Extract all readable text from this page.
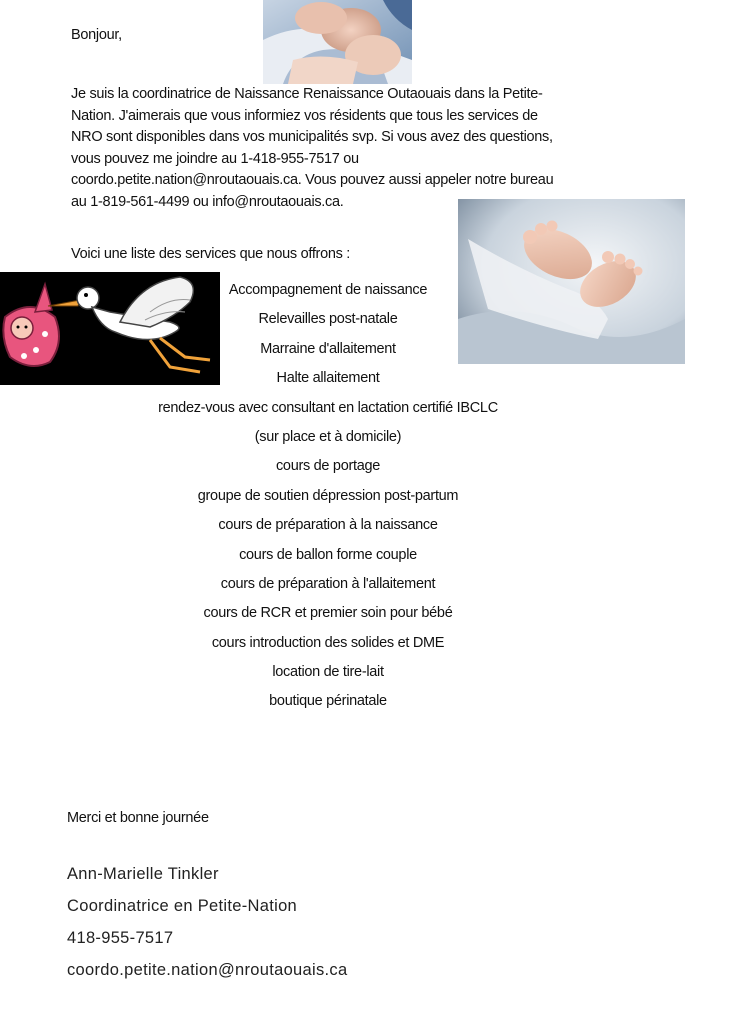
Bonjour,
Je suis la coordinatrice de Naissance Renaissance Outaouais dans la Petite-
Nation. J'aimerais que vous informiez vos résidents que tous les services de
NRO sont disponibles dans vos municipalités svp. Si vous avez des questions,
vous pouvez me joindre au 1-418-955-7517 ou
coordo.petite.nation@nroutaouais.ca. Vous pouvez aussi appeler notre bureau
au 1-819-561-4499 ou info@nroutaouais.ca.
Voici une liste des services que nous offrons :
Accompagnement de naissance
Relevailles post-natale
Marraine d'allaitement
Halte allaitement
rendez-vous avec consultant en lactation certifié IBCLC
(sur place et à domicile)
cours de portage
groupe de soutien dépression post-partum
cours de préparation à la naissance
cours de ballon forme couple
cours de préparation à l'allaitement
cours de RCR et premier soin pour bébé
cours introduction des solides et DME
location de tire-lait
boutique périnatale
Merci et bonne journée
Ann-Marielle Tinkler
Coordinatrice en Petite-Nation
418-955-7517
coordo.petite.nation@nroutaouais.ca
